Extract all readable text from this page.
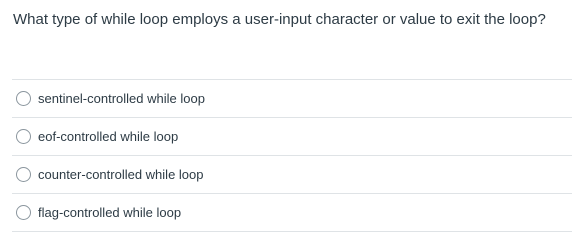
What type of while loop employs a user-input character or value to exit the loop?
sentinel-controlled while loop
eof-controlled while loop
counter-controlled while loop
flag-controlled while loop
